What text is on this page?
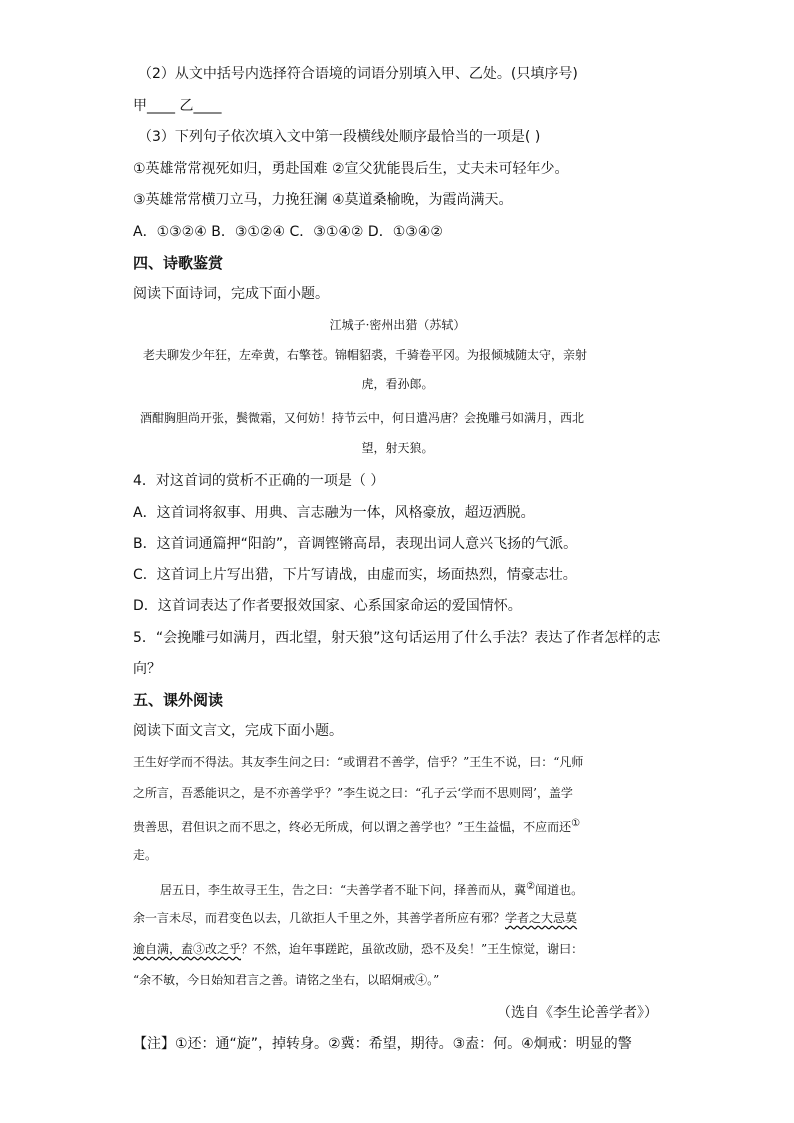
（2）从文中括号内选择符合语境的词语分别填入甲、乙处。(只填序号)
甲____ 乙____
（3）下列句子依次填入文中第一段横线处顺序最恰当的一项是( )
①英雄常常视死如归，勇赴国难 ②宣父犹能畏后生，丈夫未可轻年少。
③英雄常常横刀立马，力挽狂澜 ④莫道桑榆晚，为霞尚满天。
A．①③②④ B．③①②④ C．③①④② D．①③④②
四、诗歌鉴赏
阅读下面诗词，完成下面小题。
江城子·密州出猎（苏轼）
老夫聊发少年狂，左牵黄，右擎苍。锦帽貂裘，千骑卷平冈。为报倾城随太守，亲射
虎，看孙郎。
酒酣胸胆尚开张，鬓微霜，又何妨！持节云中，何日遣冯唐？会挽雕弓如满月，西北
望，射天狼。
4．对这首词的赏析不正确的一项是（ ）
A．这首词将叙事、用典、言志融为一体，风格豪放，超迈洒脱。
B．这首词通篇押“阳韵”，音调铿锵高昂，表现出词人意兴飞扬的气派。
C．这首词上片写出猎，下片写请战，由虚而实，场面热烈，情豪志壮。
D．这首词表达了作者要报效国家、心系国家命运的爱国情怀。
5．“会挽雕弓如满月，西北望，射天狼”这句话运用了什么手法？表达了作者怎样的志
向？
五、课外阅读
阅读下面文言文，完成下面小题。
王生好学而不得法。其友李生问之曰：“或谓君不善学，信乎？”王生不说，曰：“凡师
之所言，吾悉能识之，是不亦善学乎？”李生说之曰：“孔子云‘学而不思则罔’，盖学
贵善思，君但识之而不思之，终必无所成，何以谓之善学也？”王生益愠，不应而还①
走。
居五日，李生故寻王生，告之曰：“夫善学者不耻下问，择善而从，冀②闻道也。
余一言未尽，而君变色以去，几欲拒人千里之外，其善学者所应有邪？学者之大忌莫
逾自满，盍③改之乎？不然，迨年事蹉跎，虽欲改励，恐不及矣！”王生惊觉，谢曰：
“余不敏，今日始知君言之善。请铭之坐右，以昭炯戒④。”
（选自《李生论善学者》）
【注】①还：通“旋”，掉转身。②冀：希望，期待。③盍：何。④炯戒：明显的警
